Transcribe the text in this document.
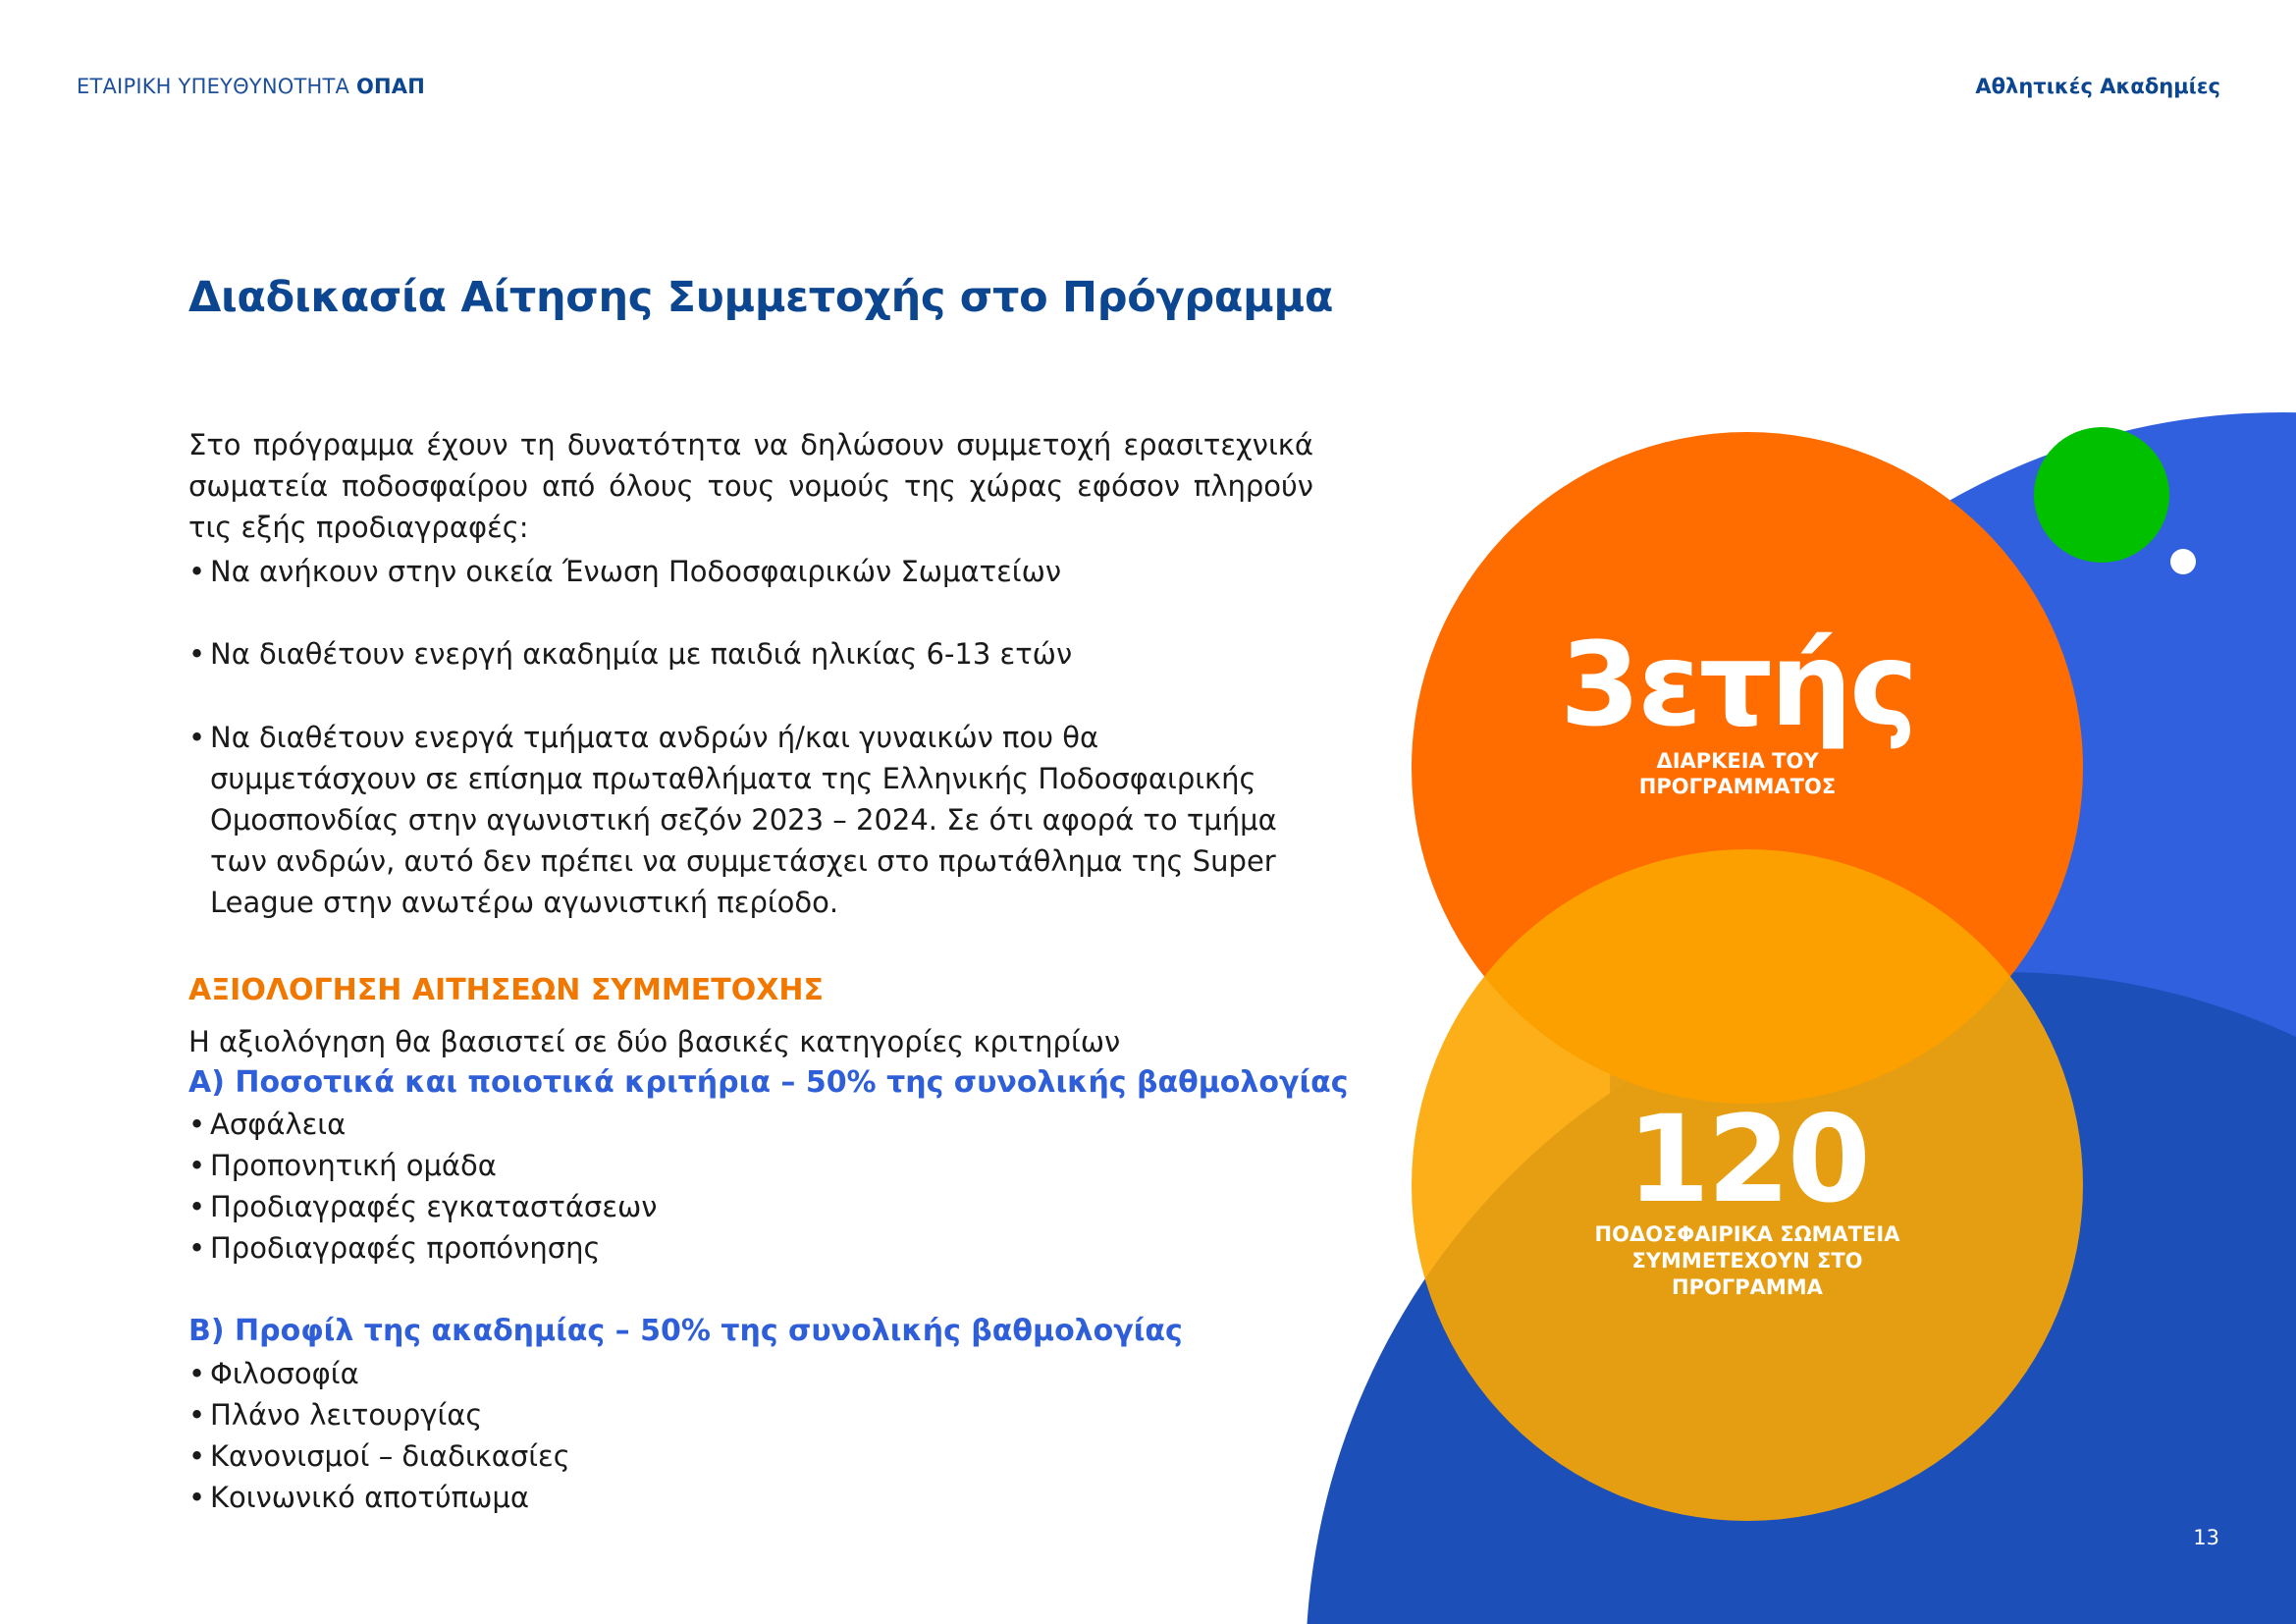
ΕΤΑΙΡΙΚΗ ΥΠΕΥΘΥΝΟΤΗΤΑ ΟΠΑΠ	Αθλητικές Ακαδημίες
Διαδικασία Αίτησης Συμμετοχής στο Πρόγραμμα

Στο πρόγραμμα έχουν τη δυνατότητα να δηλώσουν συμμετοχή ερασιτεχνικά σωματεία ποδοσφαίρου από όλους τους νομούς της χώρας εφόσον πληρούν τις εξής προδιαγραφές:

• Να ανήκουν στην οικεία Ένωση Ποδοσφαιρικών Σωματείων
• Να διαθέτουν ενεργή ακαδημία με παιδιά ηλικίας 6-13 ετών
• Να διαθέτουν ενεργά τμήματα ανδρών ή/και γυναικών που θα συμμετάσχουν σε επίσημα πρωταθλήματα της Ελληνικής Ποδοσφαιρικής Ομοσπονδίας στην αγωνιστική σεζόν 2023 – 2024. Σε ότι αφορά το τμήμα των ανδρών, αυτό δεν πρέπει να συμμετάσχει στο πρωτάθλημα της Super League στην ανωτέρω αγωνιστική περίοδο.
ΑΞΙΟΛΟΓΗΣΗ ΑΙΤΗΣΕΩΝ ΣΥΜΜΕΤΟΧΗΣ
Η αξιολόγηση θα βασιστεί σε δύο βασικές κατηγορίες κριτηρίων
Α) Ποσοτικά και ποιοτικά κριτήρια – 50% της συνολικής βαθμολογίας
• Ασφάλεια
• Προπονητική ομάδα
• Προδιαγραφές εγκαταστάσεων
• Προδιαγραφές προπόνησης
Β) Προφίλ της ακαδημίας – 50% της συνολικής βαθμολογίας
• Φιλοσοφία
• Πλάνο λειτουργίας
• Κανονισμοί – διαδικασίες
• Κοινωνικό αποτύπωμα
3ετής
ΔΙΑΡΚΕΙΑ ΤΟΥ
ΠΡΟΓΡΑΜΜΑΤΟΣ
120
ΠΟΔΟΣΦΑΙΡΙΚΑ ΣΩΜΑΤΕΙΑ
ΣΥΜΜΕΤΕΧΟΥΝ ΣΤΟ
ΠΡΟΓΡΑΜΜΑ
13
